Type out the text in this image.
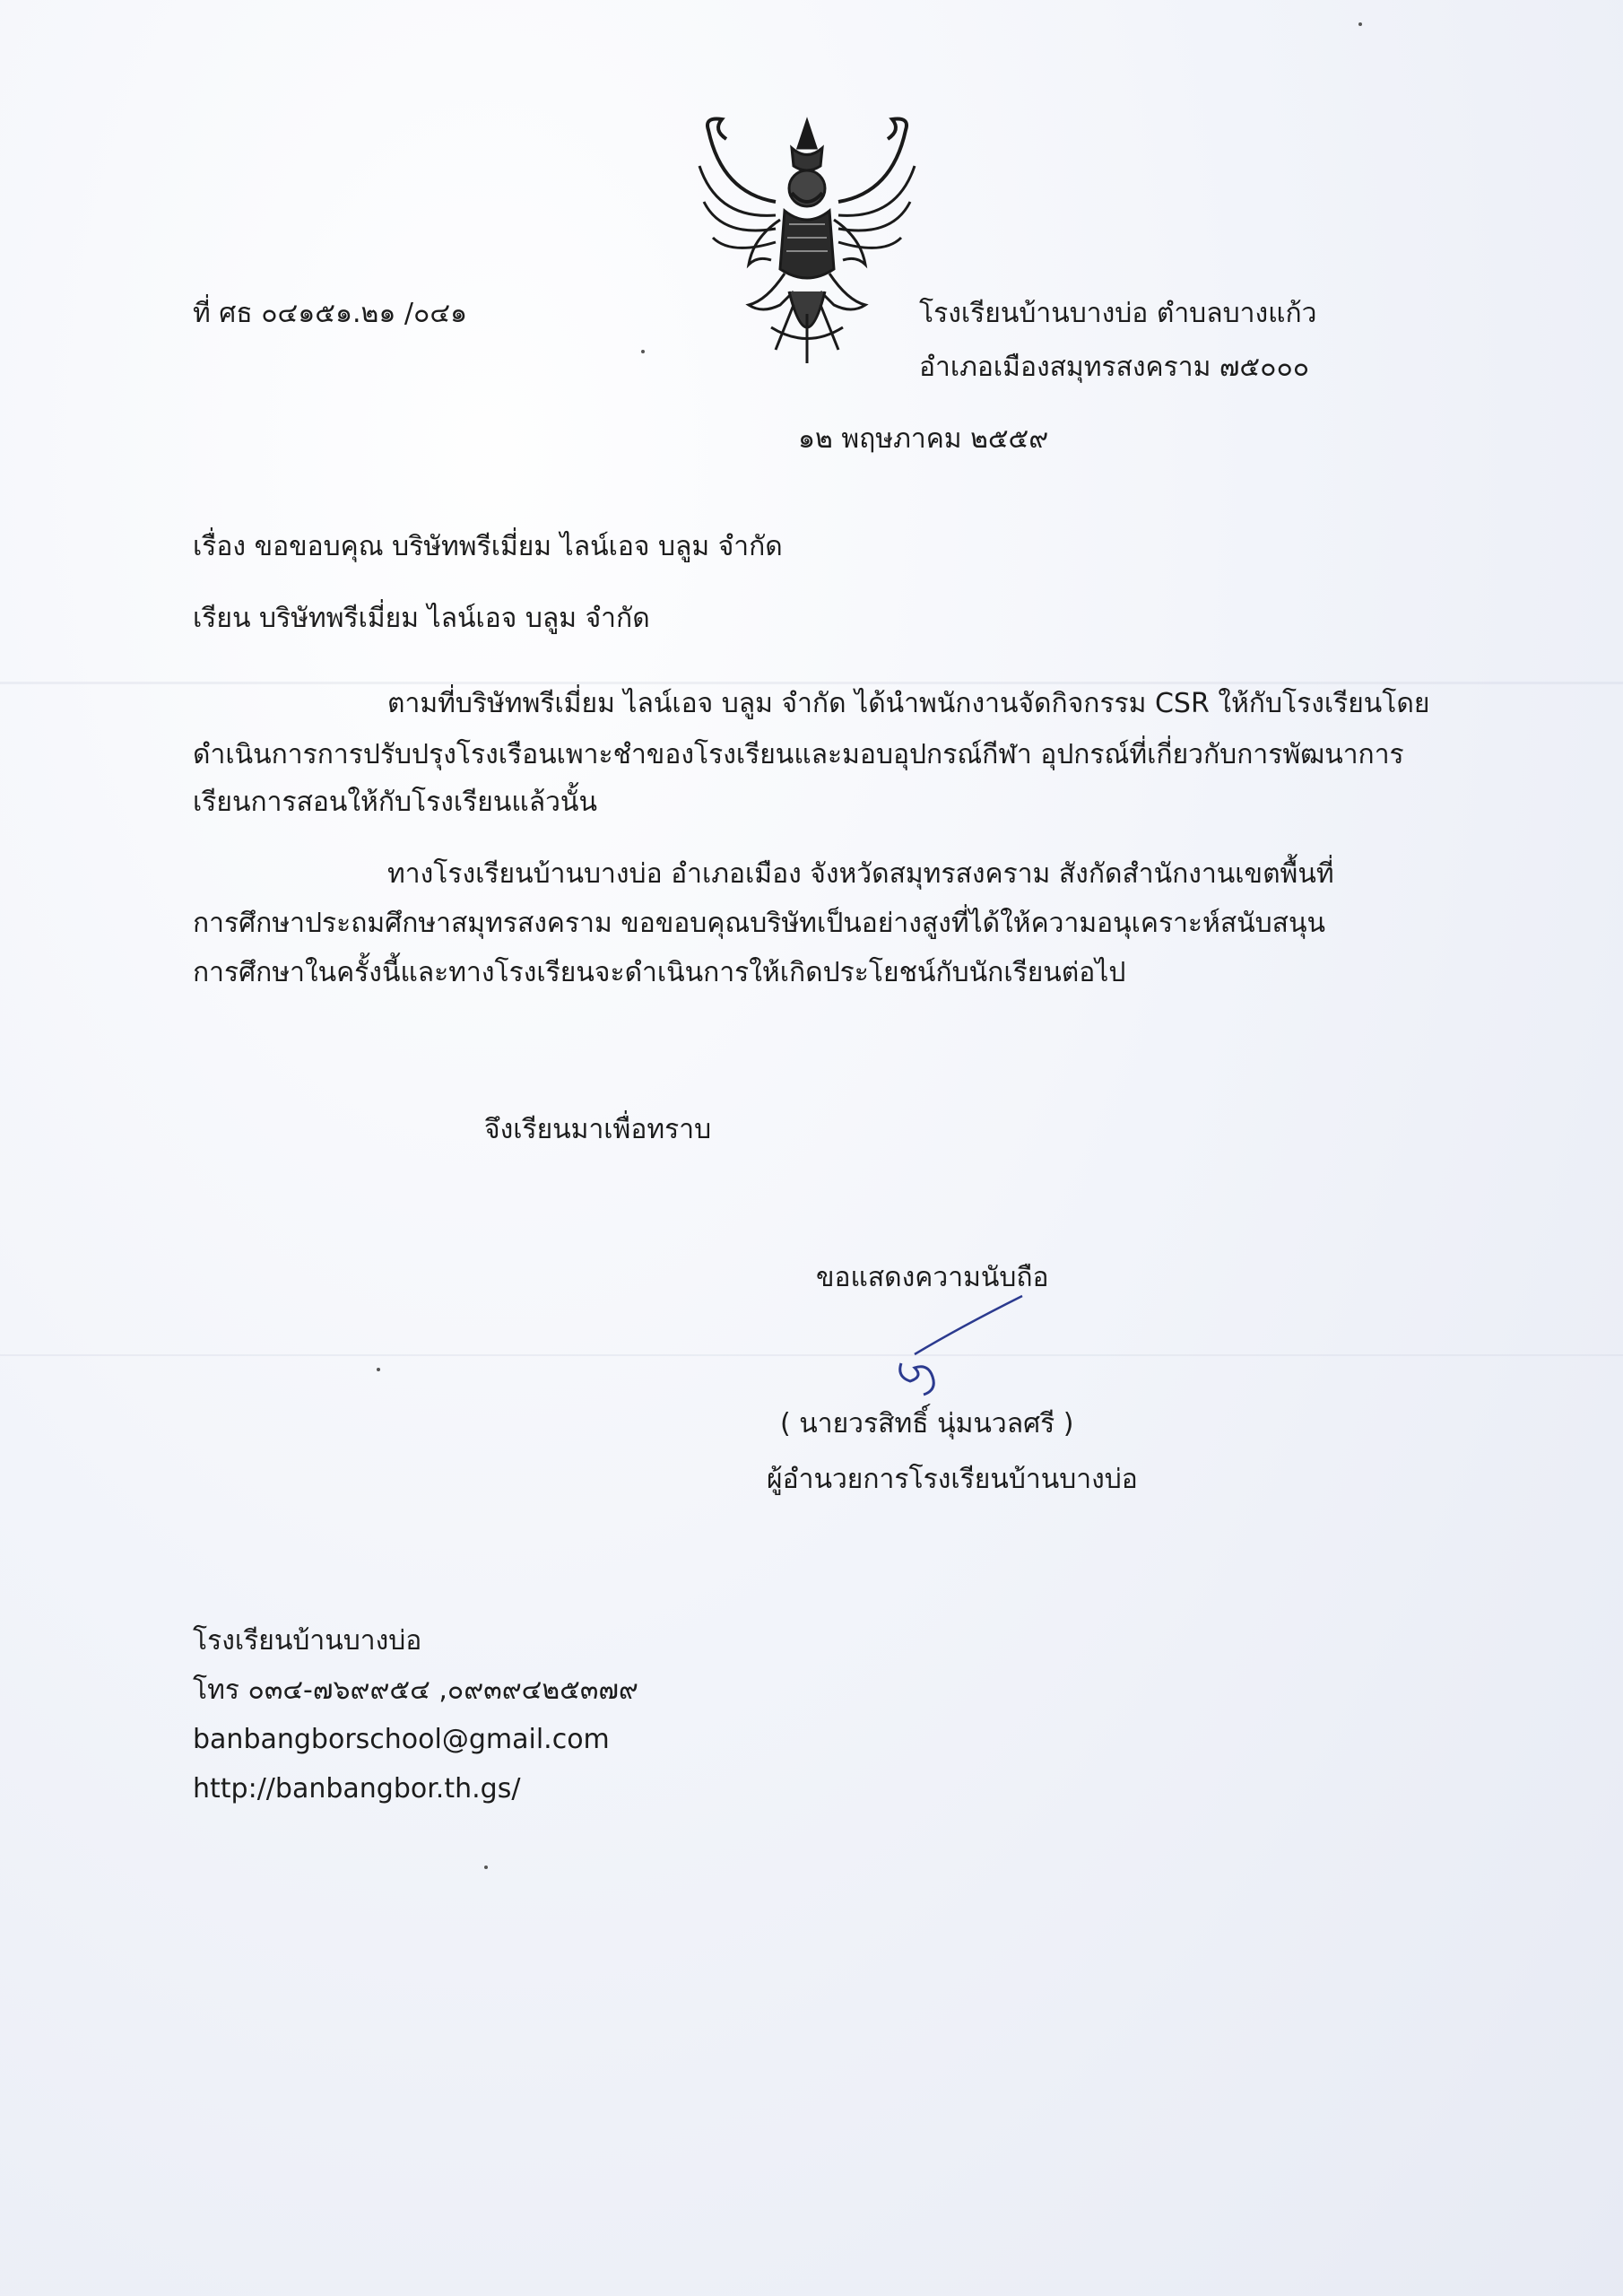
ที่ ศธ ๐๔๑๕๑.๒๑ /๐๔๑	โรงเรียนบ้านบางบ่อ ตำบลบางแก้ว
อำเภอเมืองสมุทรสงคราม ๗๕๐๐๐
๑๒ พฤษภาคม ๒๕๕๙
เรื่อง ขอขอบคุณ บริษัทพรีเมี่ยม ไลน์เอจ บลูม จำกัด
เรียน บริษัทพรีเมี่ยม ไลน์เอจ บลูม จำกัด
ตามที่บริษัทพรีเมี่ยม ไลน์เอจ บลูม จำกัด ได้นำพนักงานจัดกิจกรรม CSR ให้กับโรงเรียนโดย
ดำเนินการการปรับปรุงโรงเรือนเพาะชำของโรงเรียนและมอบอุปกรณ์กีฬา อุปกรณ์ที่เกี่ยวกับการพัฒนาการ
เรียนการสอนให้กับโรงเรียนแล้วนั้น
ทางโรงเรียนบ้านบางบ่อ อำเภอเมือง จังหวัดสมุทรสงคราม สังกัดสำนักงานเขตพื้นที่
การศึกษาประถมศึกษาสมุทรสงคราม ขอขอบคุณบริษัทเป็นอย่างสูงที่ได้ให้ความอนุเคราะห์สนับสนุน
การศึกษาในครั้งนี้และทางโรงเรียนจะดำเนินการให้เกิดประโยชน์กับนักเรียนต่อไป
จึงเรียนมาเพื่อทราบ
ขอแสดงความนับถือ
( นายวรสิทธิ์ นุ่มนวลศรี )
ผู้อำนวยการโรงเรียนบ้านบางบ่อ
โรงเรียนบ้านบางบ่อ
โทร ๐๓๔-๗๖๙๙๕๔ ,๐๙๓๙๔๒๕๓๗๙
banbangborschool@gmail.com
http://banbangbor.th.gs/
